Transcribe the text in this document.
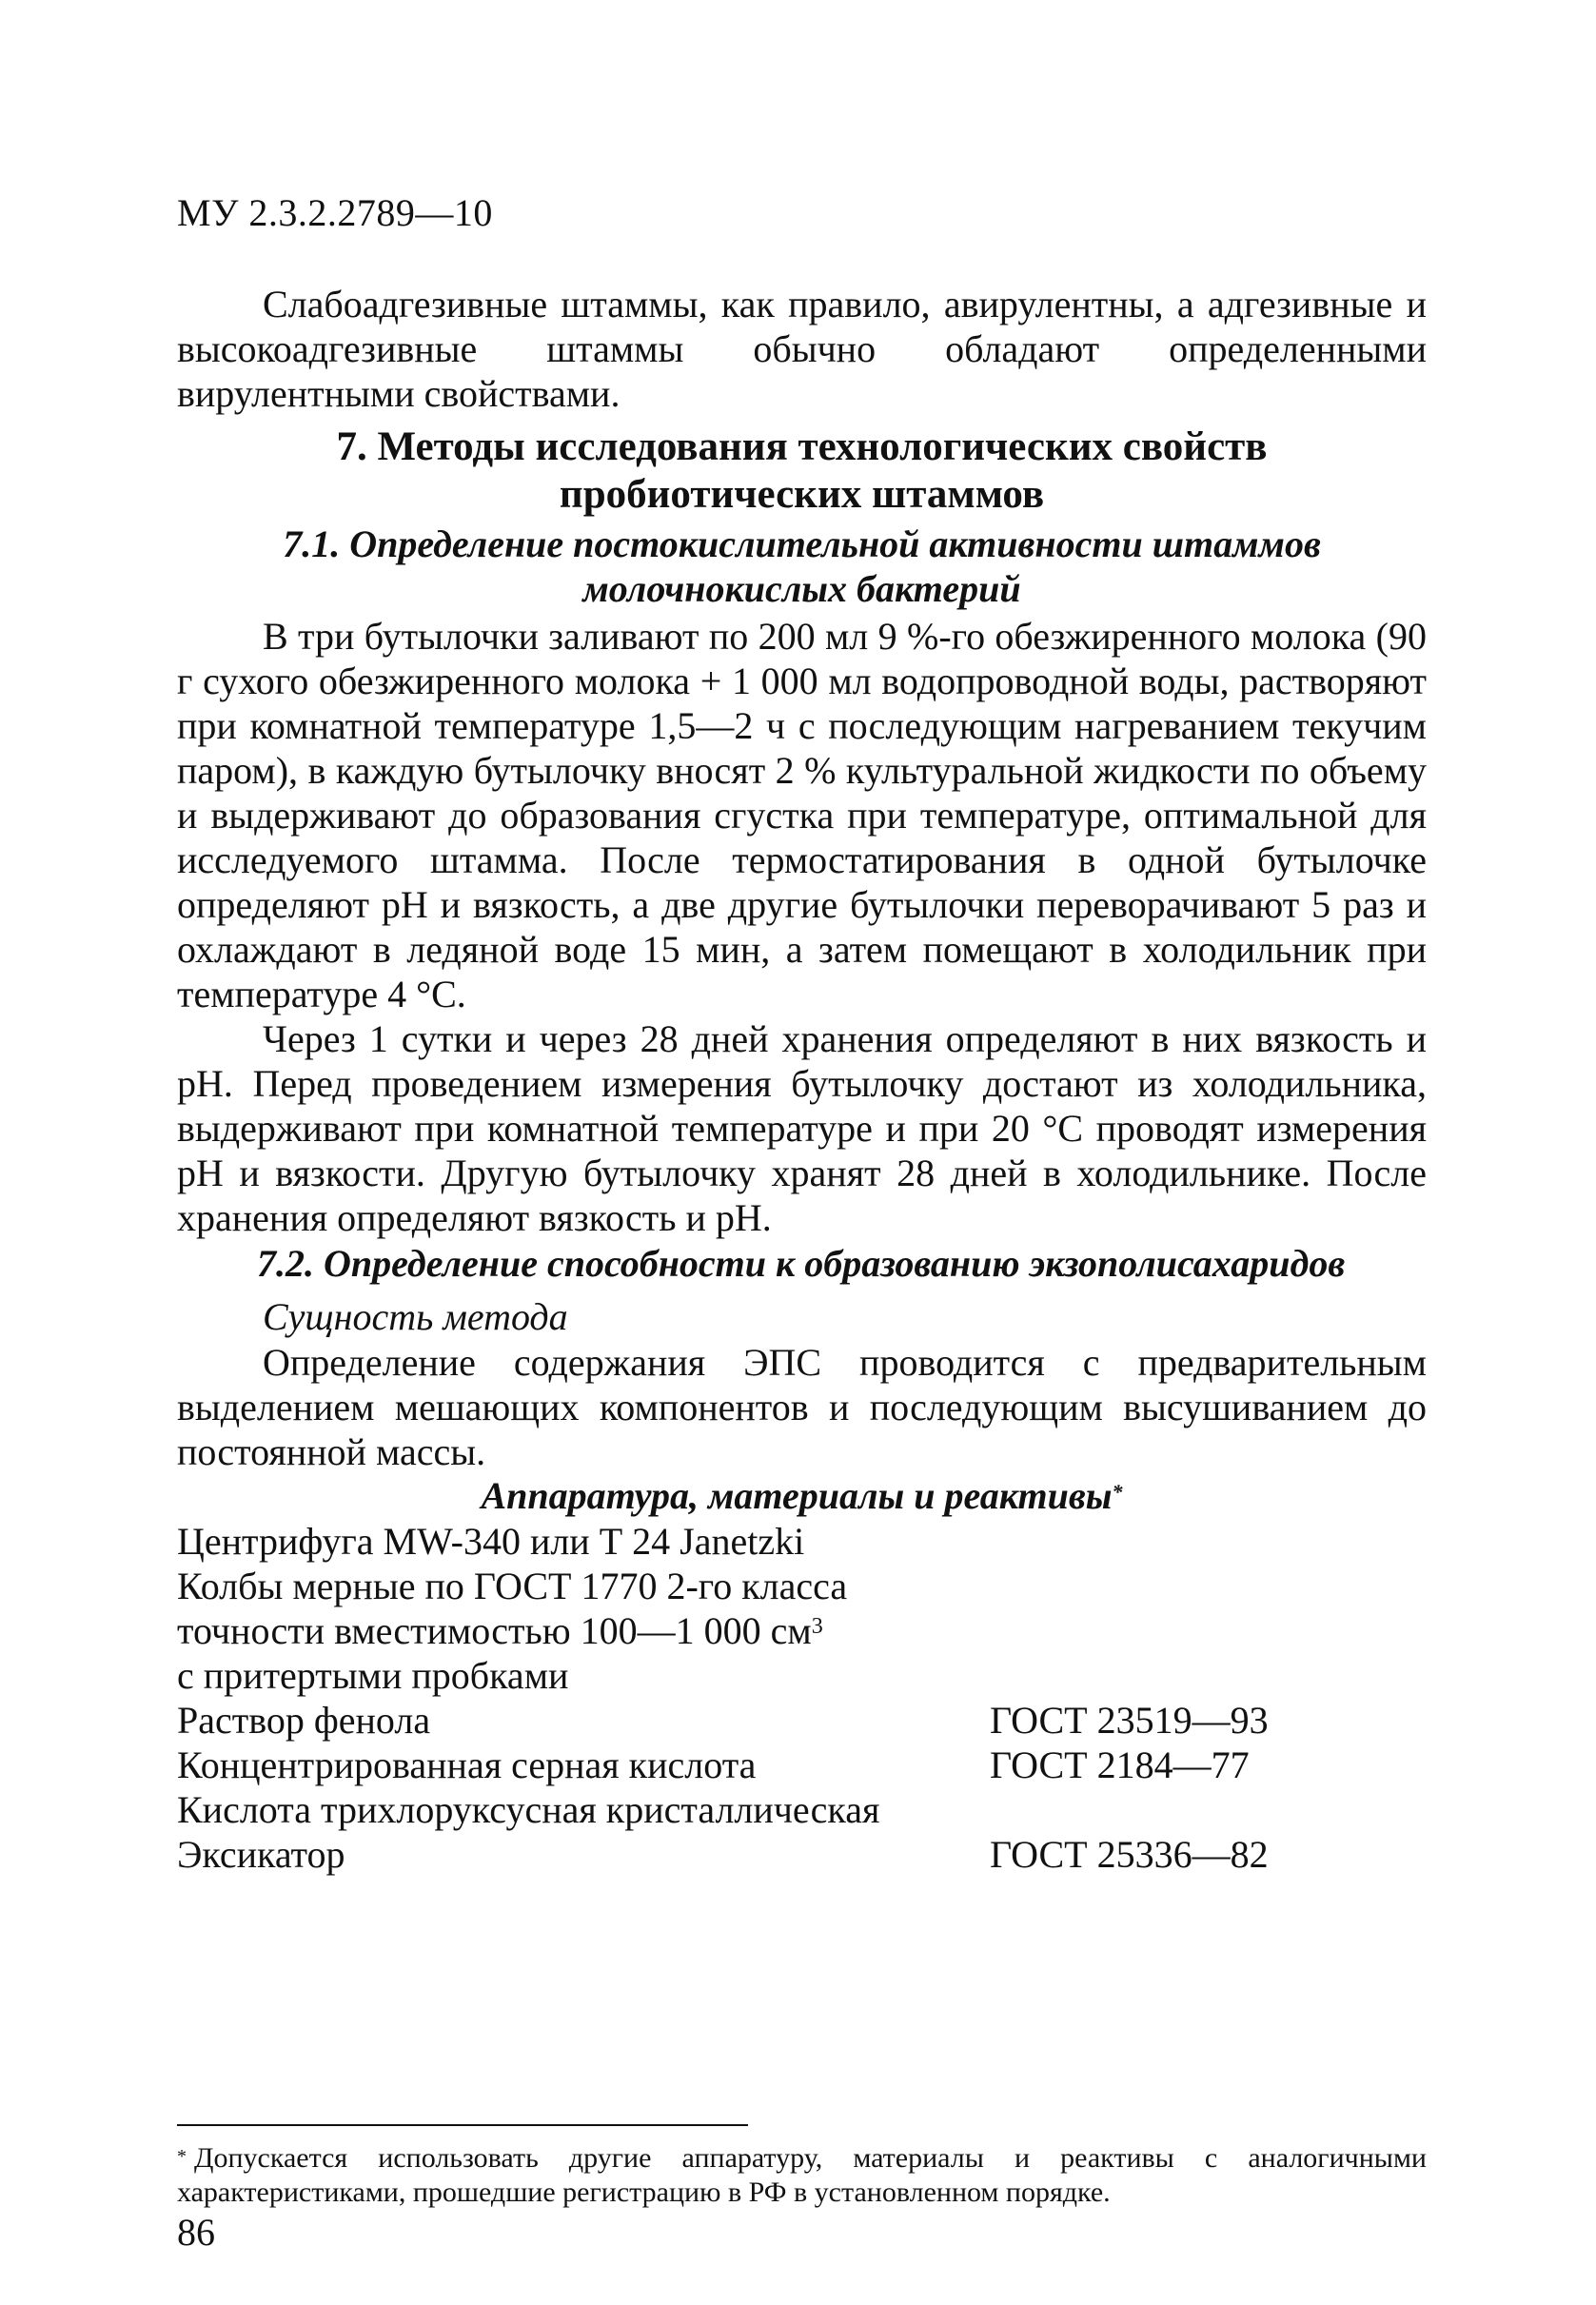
МУ 2.3.2.2789—10

Слабоадгезивные штаммы, как правило, авирулентны, а адгезивные и высокоадгезивные штаммы обычно обладают определенными вирулентными свойствами.

7. Методы исследования технологических свойств
пробиотических штаммов
7.1. Определение постокислительной активности штаммов
молочнокислых бактерий

В три бутылочки заливают по 200 мл 9 %-го обезжиренного молока (90 г сухого обезжиренного молока + 1 000 мл водопроводной воды, растворяют при комнатной температуре 1,5—2 ч с последующим нагреванием текучим паром), в каждую бутылочку вносят 2 % культуральной жидкости по объему и выдерживают до образования сгустка при температуре, оптимальной для исследуемого штамма. После термостатирования в одной бутылочке определяют pH и вязкость, а две другие бутылочки переворачивают 5 раз и охлаждают в ледяной воде 15 мин, а затем помещают в холодильник при температуре 4 °С.

Через 1 сутки и через 28 дней хранения определяют в них вязкость и pH. Перед проведением измерения бутылочку достают из холодильника, выдерживают при комнатной температуре и при 20 °С проводят измерения pH и вязкости. Другую бутылочку хранят 28 дней в холодильнике. После хранения определяют вязкость и pH.

7.2. Определение способности к образованию экзополисахаридов
Сущность метода

Определение содержания ЭПС проводится с предварительным выделением мешающих компонентов и последующим высушиванием до постоянной массы.

Аппаратура, материалы и реактивы*
Центрифуга MW-340 или Т 24 Janetzki
Колбы мерные по ГОСТ 1770 2-го класса
точности вместимостью 100—1 000 $см^3$
с притертыми пробками
Раствор фенола	ГОСТ 23519—93
Концентрированная серная кислота	ГОСТ 2184—77
Кислота трихлоруксусная кристаллическая
Эксикатор	ГОСТ 25336—82
* Допускается использовать другие аппаратуру, материалы и реактивы с аналогичными характеристиками, прошедшие регистрацию в РФ в установленном порядке.
86
